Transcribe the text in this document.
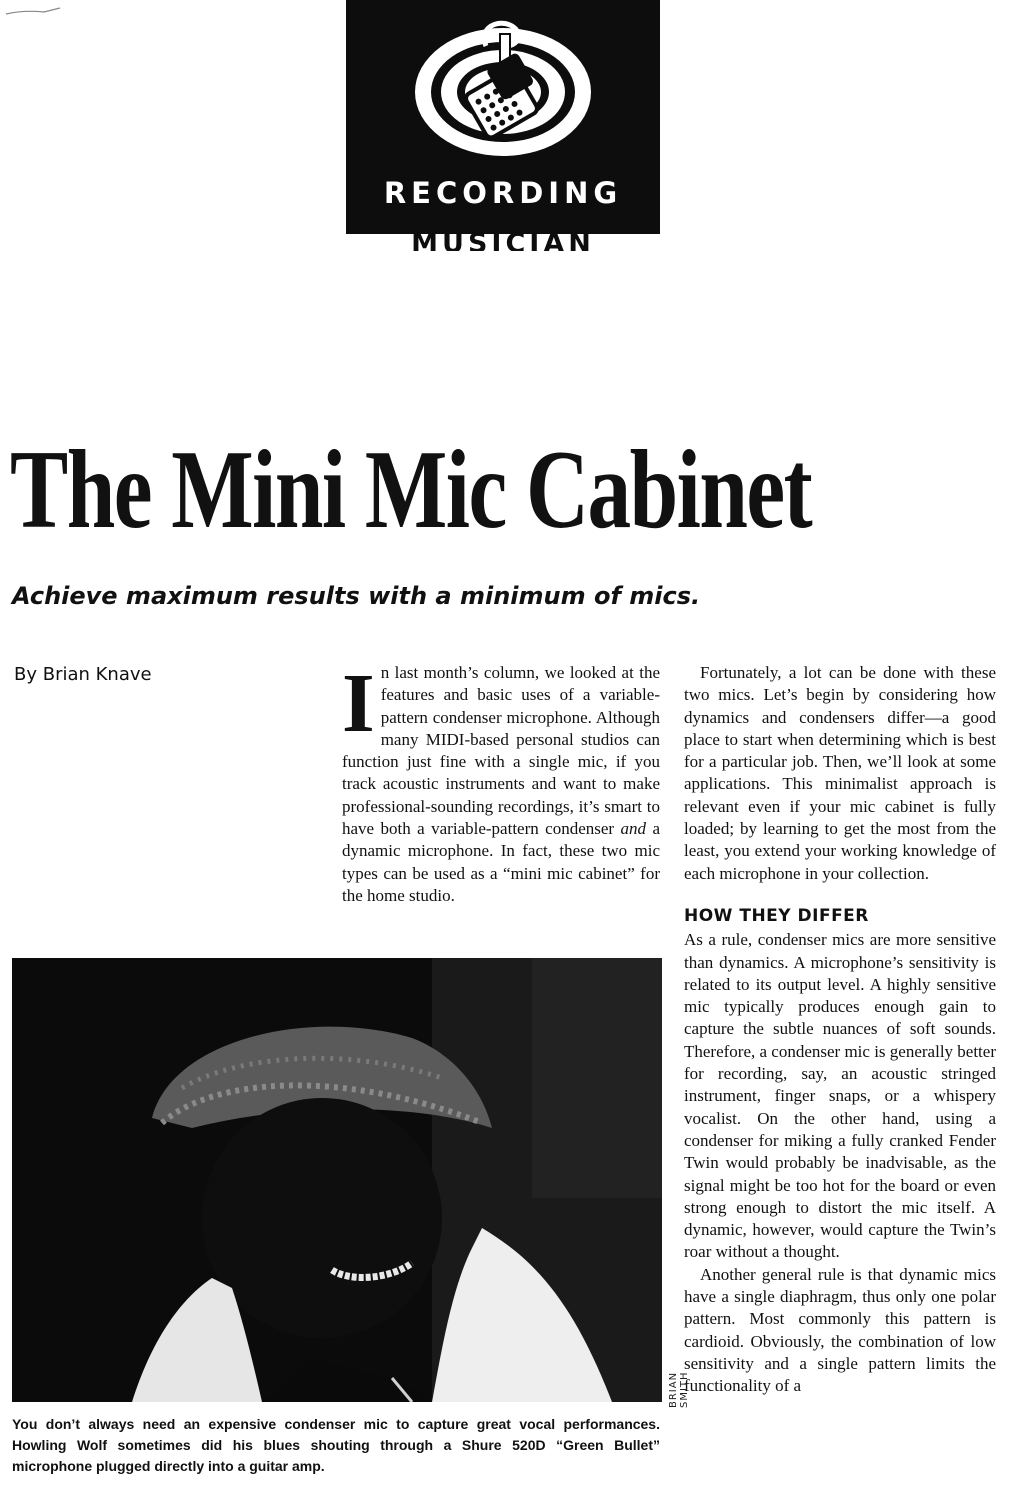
RECORDING
MUSICIAN
The Mini Mic Cabinet
Achieve maximum results with a minimum of mics.
By Brian Knave In last month’s column, we looked at the features and basic uses of a variable-pattern condenser microphone. Although many MIDI-based personal studios can function just fine with a single mic, if you track acoustic instruments and want to make professional-sounding recordings, it’s smart to have both a variable-pattern condenser and a dynamic microphone. In fact, these two mic types can be used as a “mini mic cabinet” for the home studio.

Fortunately, a lot can be done with these two mics. Let’s begin by considering how dynamics and condensers differ—a good place to start when determining which is best for a particular job. Then, we’ll look at some applications. This minimalist approach is relevant even if your mic cabinet is fully loaded; by learning to get the most from the least, you extend your working knowledge of each microphone in your collection.

HOW THEY DIFFER

As a rule, condenser mics are more sensitive than dynamics. A microphone’s sensitivity is related to its output level. A highly sensitive mic typically produces enough gain to capture the subtle nuances of soft sounds. Therefore, a condenser mic is generally better for recording, say, an acoustic stringed instrument, finger snaps, or a whispery vocalist. On the other hand, using a condenser for miking a fully cranked Fender Twin would probably be inadvisable, as the signal might be too hot for the board or even strong enough to distort the mic itself. A dynamic, however, would capture the Twin’s roar without a thought.

Another general rule is that dynamic mics have a single diaphragm, thus only one polar pattern. Most commonly this pattern is cardioid. Obviously, the combination of low sensitivity and a single pattern limits the functionality of a

BRIAN SMITH
You don’t always need an expensive condenser mic to capture great vocal performances. Howling Wolf sometimes did his blues shouting through a Shure 520D “Green Bullet” microphone plugged directly into a guitar amp.
